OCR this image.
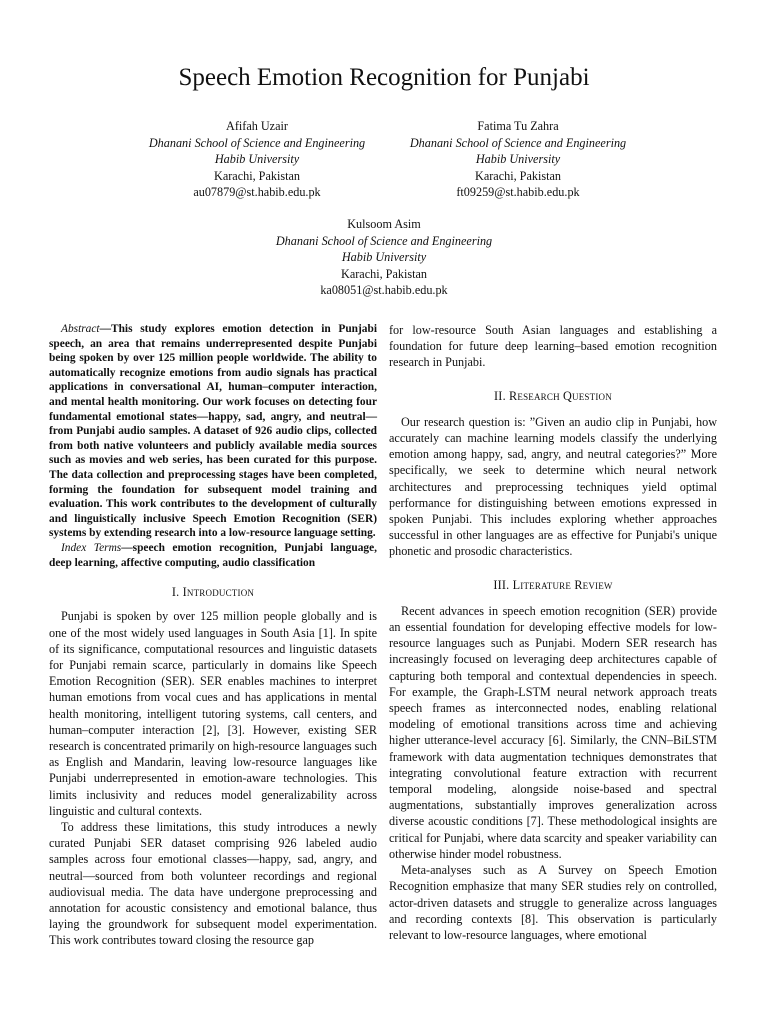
Speech Emotion Recognition for Punjabi
Afifah Uzair
Dhanani School of Science and Engineering
Habib University
Karachi, Pakistan
au07879@st.habib.edu.pk
Fatima Tu Zahra
Dhanani School of Science and Engineering
Habib University
Karachi, Pakistan
ft09259@st.habib.edu.pk
Kulsoom Asim
Dhanani School of Science and Engineering
Habib University
Karachi, Pakistan
ka08051@st.habib.edu.pk

Abstract—This study explores emotion detection in Punjabi speech, an area that remains underrepresented despite Punjabi being spoken by over 125 million people worldwide. The ability to automatically recognize emotions from audio signals has practical applications in conversational AI, human–computer interaction, and mental health monitoring. Our work focuses on detecting four fundamental emotional states—happy, sad, angry, and neutral—from Punjabi audio samples. A dataset of 926 audio clips, collected from both native volunteers and publicly available media sources such as movies and web series, has been curated for this purpose. The data collection and preprocessing stages have been completed, forming the foundation for subsequent model training and evaluation. This work contributes to the development of culturally and linguistically inclusive Speech Emotion Recognition (SER) systems by extending research into a low-resource language setting.

Index Terms—speech emotion recognition, Punjabi language, deep learning, affective computing, audio classification

I. Introduction

Punjabi is spoken by over 125 million people globally and is one of the most widely used languages in South Asia [1]. In spite of its significance, computational resources and linguistic datasets for Punjabi remain scarce, particularly in domains like Speech Emotion Recognition (SER). SER enables machines to interpret human emotions from vocal cues and has applications in mental health monitoring, intelligent tutoring systems, call centers, and human–computer interaction [2], [3]. However, existing SER research is concentrated primarily on high-resource languages such as English and Mandarin, leaving low-resource languages like Punjabi underrepresented in emotion-aware technologies. This limits inclusivity and reduces model generalizability across linguistic and cultural contexts.

To address these limitations, this study introduces a newly curated Punjabi SER dataset comprising 926 labeled audio samples across four emotional classes—happy, sad, angry, and neutral—sourced from both volunteer recordings and regional audiovisual media. The data have undergone preprocessing and annotation for acoustic consistency and emotional balance, thus laying the groundwork for subsequent model experimentation. This work contributes toward closing the resource gap

for low-resource South Asian languages and establishing a foundation for future deep learning–based emotion recognition research in Punjabi.

II. Research Question

Our research question is: ”Given an audio clip in Punjabi, how accurately can machine learning models classify the underlying emotion among happy, sad, angry, and neutral categories?” More specifically, we seek to determine which neural network architectures and preprocessing techniques yield optimal performance for distinguishing between emotions expressed in spoken Punjabi. This includes exploring whether approaches successful in other languages are as effective for Punjabi's unique phonetic and prosodic characteristics.

III. Literature Review

Recent advances in speech emotion recognition (SER) provide an essential foundation for developing effective models for low-resource languages such as Punjabi. Modern SER research has increasingly focused on leveraging deep architectures capable of capturing both temporal and contextual dependencies in speech. For example, the Graph-LSTM neural network approach treats speech frames as interconnected nodes, enabling relational modeling of emotional transitions across time and achieving higher utterance-level accuracy [6]. Similarly, the CNN–BiLSTM framework with data augmentation techniques demonstrates that integrating convolutional feature extraction with recurrent temporal modeling, alongside noise-based and spectral augmentations, substantially improves generalization across diverse acoustic conditions [7]. These methodological insights are critical for Punjabi, where data scarcity and speaker variability can otherwise hinder model robustness.

Meta-analyses such as A Survey on Speech Emotion Recognition emphasize that many SER studies rely on controlled, actor-driven datasets and struggle to generalize across languages and recording contexts [8]. This observation is particularly relevant to low-resource languages, where emotional
